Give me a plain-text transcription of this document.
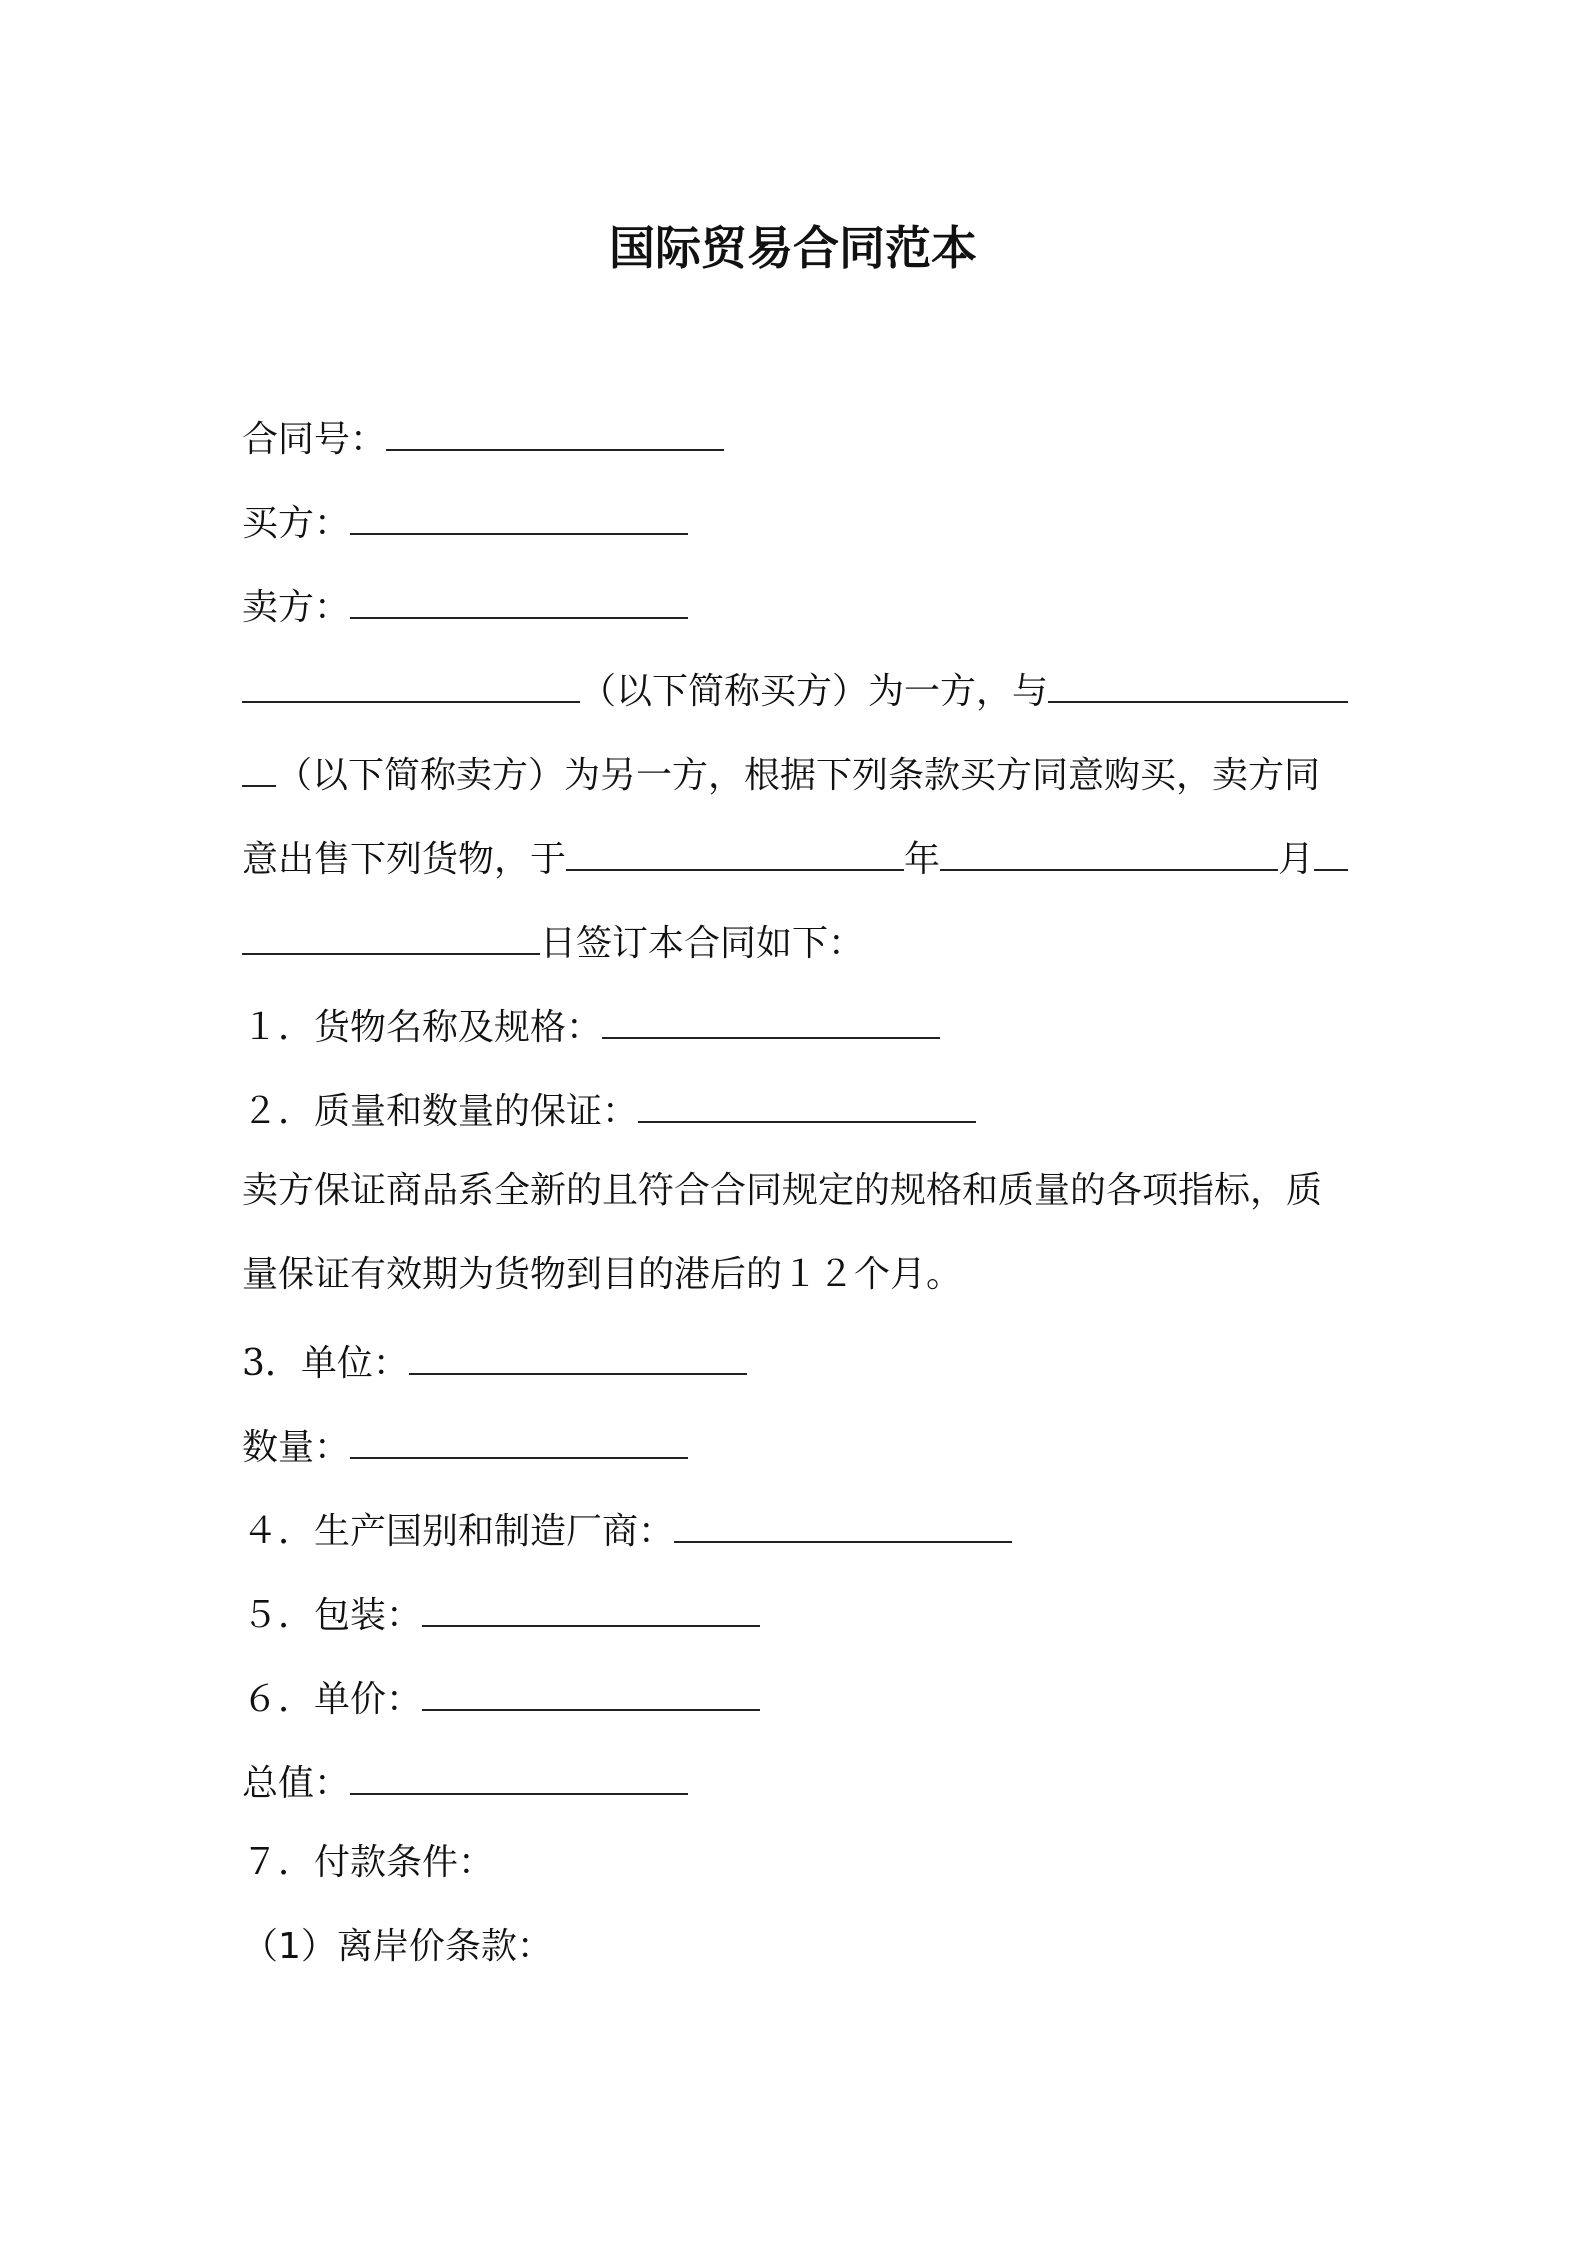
国际贸易合同范本
合同号：
买方：
卖方：
（以下简称买方）为一方，与
（以下简称卖方）为另一方，根据下列条款买方同意购买，卖方同
意出售下列货物，于	年	月
日签订本合同如下：
１．货物名称及规格：
２．质量和数量的保证：
卖方保证商品系全新的且符合合同规定的规格和质量的各项指标，质
量保证有效期为货物到目的港后的１２个月。
3．单位：
数量：
４．生产国别和制造厂商：
５．包装：
６．单价：
总值：
７．付款条件：
（1）离岸价条款：
